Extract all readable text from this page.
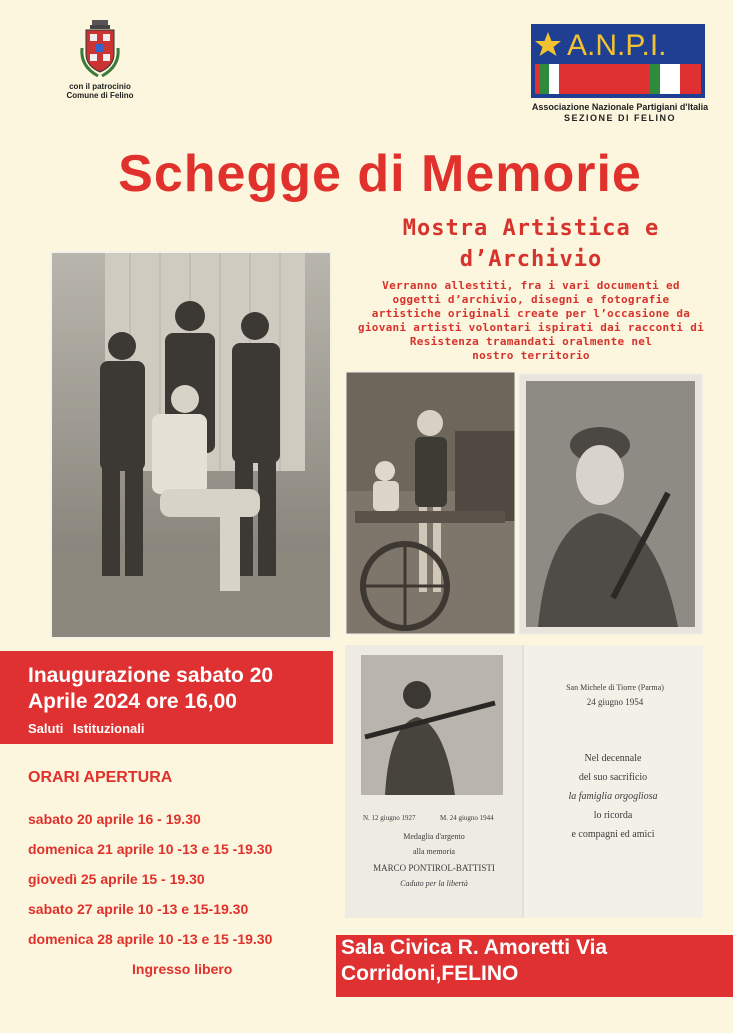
con il patrocinio
Comune di Felino
A.N.P.I.
Associazione Nazionale Partigiani d'Italia
SEZIONE DI FELINO
Schegge di Memorie
Mostra Artistica e
d’Archivio
Verranno allestiti, fra i vari documenti ed
oggetti d’archivio, disegni e fotografie
artistiche originali create per l’occasione da
giovani artisti volontari ispirati dai racconti di
Resistenza tramandati oralmente nel
nostro territorio
San Michele di Tiorre (Parma)
24 giugno 1954
Nel decennale
del suo sacrificio
la famiglia orgogliosa
lo ricorda
e compagni ed amici
N. 12 giugno 1927	M. 24 giugno 1944
Medaglia d'argento
alla memoria
MARCO PONTIROL-BATTISTI
Caduto per la libertà
Inaugurazione sabato 20
Aprile 2024 ore 16,00
Saluti Istituzionali
ORARI APERTURA
sabato 20 aprile 16 - 19.30
domenica 21 aprile 10 -13 e 15 -19.30
giovedì 25 aprile 15 - 19.30
sabato 27 aprile 10 -13 e 15-19.30
domenica 28 aprile 10 -13 e 15 -19.30
Ingresso libero
Sala Civica R. Amoretti Via
Corridoni,FELINO
